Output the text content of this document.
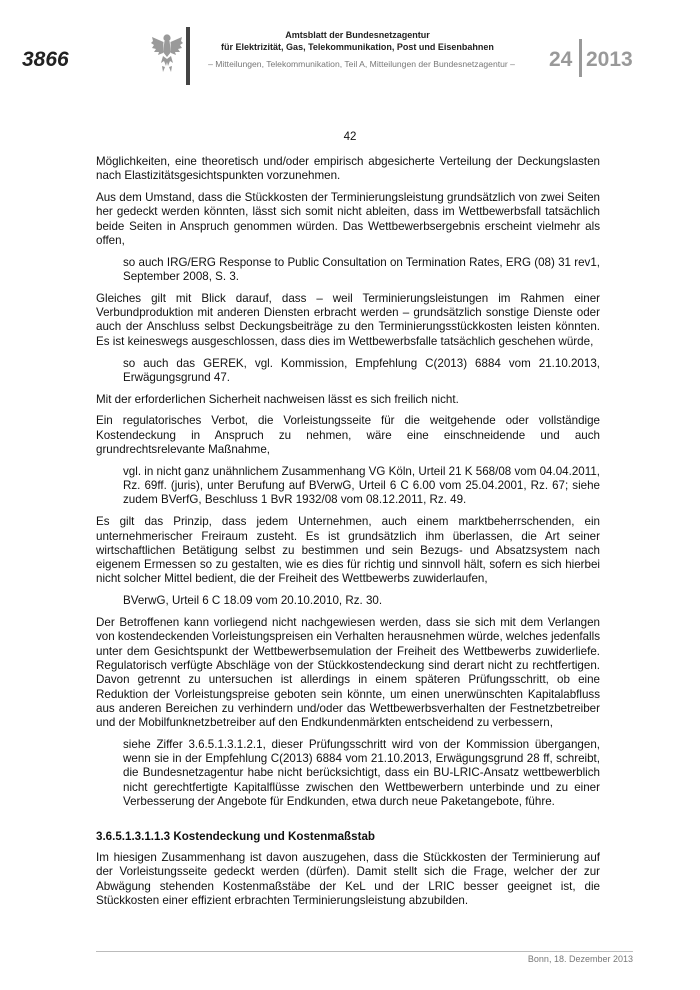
3866
Amtsblatt der Bundesnetzagentur
für Elektrizität, Gas, Telekommunikation, Post und Eisenbahnen
– Mitteilungen, Telekommunikation, Teil A, Mitteilungen der Bundesnetzagentur –	24 2013
42

Möglichkeiten, eine theoretisch und/oder empirisch abgesicherte Verteilung der Deckungslasten nach Elastizitätsgesichtspunkten vorzunehmen.

Aus dem Umstand, dass die Stückkosten der Terminierungsleistung grundsätzlich von zwei Seiten her gedeckt werden könnten, lässt sich somit nicht ableiten, dass im Wettbewerbsfall tatsächlich beide Seiten in Anspruch genommen würden. Das Wettbewerbsergebnis erscheint vielmehr als offen,

so auch IRG/ERG Response to Public Consultation on Termination Rates, ERG (08) 31 rev1, September 2008, S. 3.

Gleiches gilt mit Blick darauf, dass – weil Terminierungsleistungen im Rahmen einer Verbundproduktion mit anderen Diensten erbracht werden – grundsätzlich sonstige Dienste oder auch der Anschluss selbst Deckungsbeiträge zu den Terminierungsstückkosten leisten könnten. Es ist keineswegs ausgeschlossen, dass dies im Wettbewerbsfalle tatsächlich geschehen würde,

so auch das GEREK, vgl. Kommission, Empfehlung C(2013) 6884 vom 21.10.2013, Erwägungsgrund 47.

Mit der erforderlichen Sicherheit nachweisen lässt es sich freilich nicht.

Ein regulatorisches Verbot, die Vorleistungsseite für die weitgehende oder vollständige Kostendeckung in Anspruch zu nehmen, wäre eine einschneidende und auch grundrechtsrelevante Maßnahme,

vgl. in nicht ganz unähnlichem Zusammenhang VG Köln, Urteil 21 K 568/08 vom 04.04.2011, Rz. 69ff. (juris), unter Berufung auf BVerwG, Urteil 6 C 6.00 vom 25.04.2001, Rz. 67; siehe zudem BVerfG, Beschluss 1 BvR 1932/08 vom 08.12.2011, Rz. 49.

Es gilt das Prinzip, dass jedem Unternehmen, auch einem marktbeherrschenden, ein unternehmerischer Freiraum zusteht. Es ist grundsätzlich ihm überlassen, die Art seiner wirtschaftlichen Betätigung selbst zu bestimmen und sein Bezugs- und Absatzsystem nach eigenem Ermessen so zu gestalten, wie es dies für richtig und sinnvoll hält, sofern es sich hierbei nicht solcher Mittel bedient, die der Freiheit des Wettbewerbs zuwiderlaufen,

BVerwG, Urteil 6 C 18.09 vom 20.10.2010, Rz. 30.

Der Betroffenen kann vorliegend nicht nachgewiesen werden, dass sie sich mit dem Verlangen von kostendeckenden Vorleistungspreisen ein Verhalten herausnehmen würde, welches jedenfalls unter dem Gesichtspunkt der Wettbewerbsemulation der Freiheit des Wettbewerbs zuwiderliefe. Regulatorisch verfügte Abschläge von der Stückkostendeckung sind derart nicht zu rechtfertigen. Davon getrennt zu untersuchen ist allerdings in einem späteren Prüfungsschritt, ob eine Reduktion der Vorleistungspreise geboten sein könnte, um einen unerwünschten Kapitalabfluss aus anderen Bereichen zu verhindern und/oder das Wettbewerbsverhalten der Festnetzbetreiber und der Mobilfunknetzbetreiber auf den Endkundenmärkten entscheidend zu verbessern,

siehe Ziffer 3.6.5.1.3.1.2.1, dieser Prüfungsschritt wird von der Kommission übergangen, wenn sie in der Empfehlung C(2013) 6884 vom 21.10.2013, Erwägungsgrund 28 ff, schreibt, die Bundesnetzagentur habe nicht berücksichtigt, dass ein BU-LRIC-Ansatz wettbewerblich nicht gerechtfertigte Kapitalflüsse zwischen den Wettbewerbern unterbinde und zu einer Verbesserung der Angebote für Endkunden, etwa durch neue Paketangebote, führe.

3.6.5.1.3.1.1.3 Kostendeckung und Kostenmaßstab

Im hiesigen Zusammenhang ist davon auszugehen, dass die Stückkosten der Terminierung auf der Vorleistungsseite gedeckt werden (dürfen). Damit stellt sich die Frage, welcher der zur Abwägung stehenden Kostenmaßstäbe der KeL und der LRIC besser geeignet ist, die Stückkosten einer effizient erbrachten Terminierungsleistung abzubilden.

Bonn, 18. Dezember 2013
